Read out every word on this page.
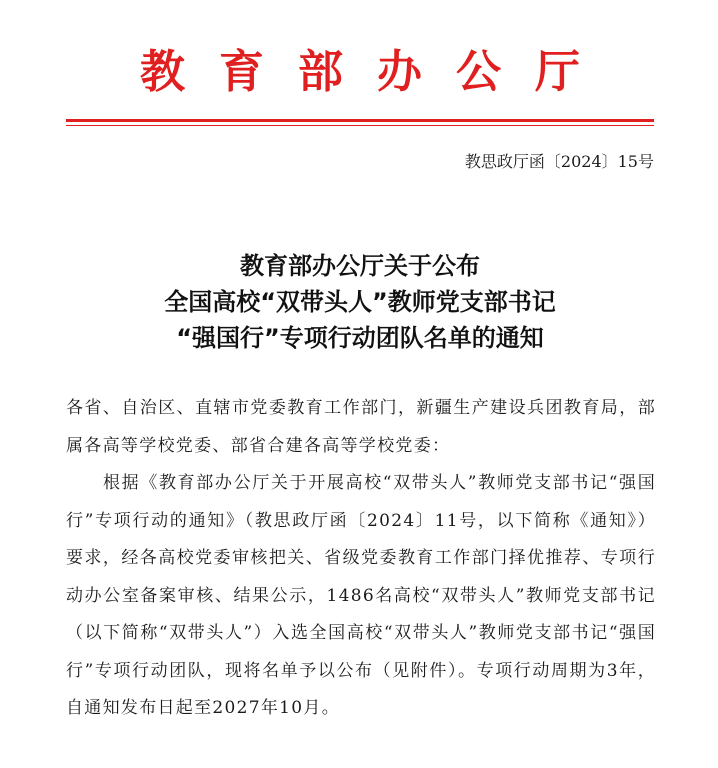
教育部办公厅
教思政厅函〔2024〕15号
教育部办公厅关于公布
全国高校“双带头人”教师党支部书记
“强国行”专项行动团队名单的通知

各省、自治区、直辖市党委教育工作部门，新疆生产建设兵团教育局，部属各高等学校党委、部省合建各高等学校党委：

根据《教育部办公厅关于开展高校“双带头人”教师党支部书记“强国行”专项行动的通知》（教思政厅函〔2024〕11号，以下简称《通知》）要求，经各高校党委审核把关、省级党委教育工作部门择优推荐、专项行动办公室备案审核、结果公示，1486名高校“双带头人”教师党支部书记（以下简称“双带头人”）入选全国高校“双带头人”教师党支部书记“强国行”专项行动团队，现将名单予以公布（见附件）。专项行动周期为3年，自通知发布日起至2027年10月。
